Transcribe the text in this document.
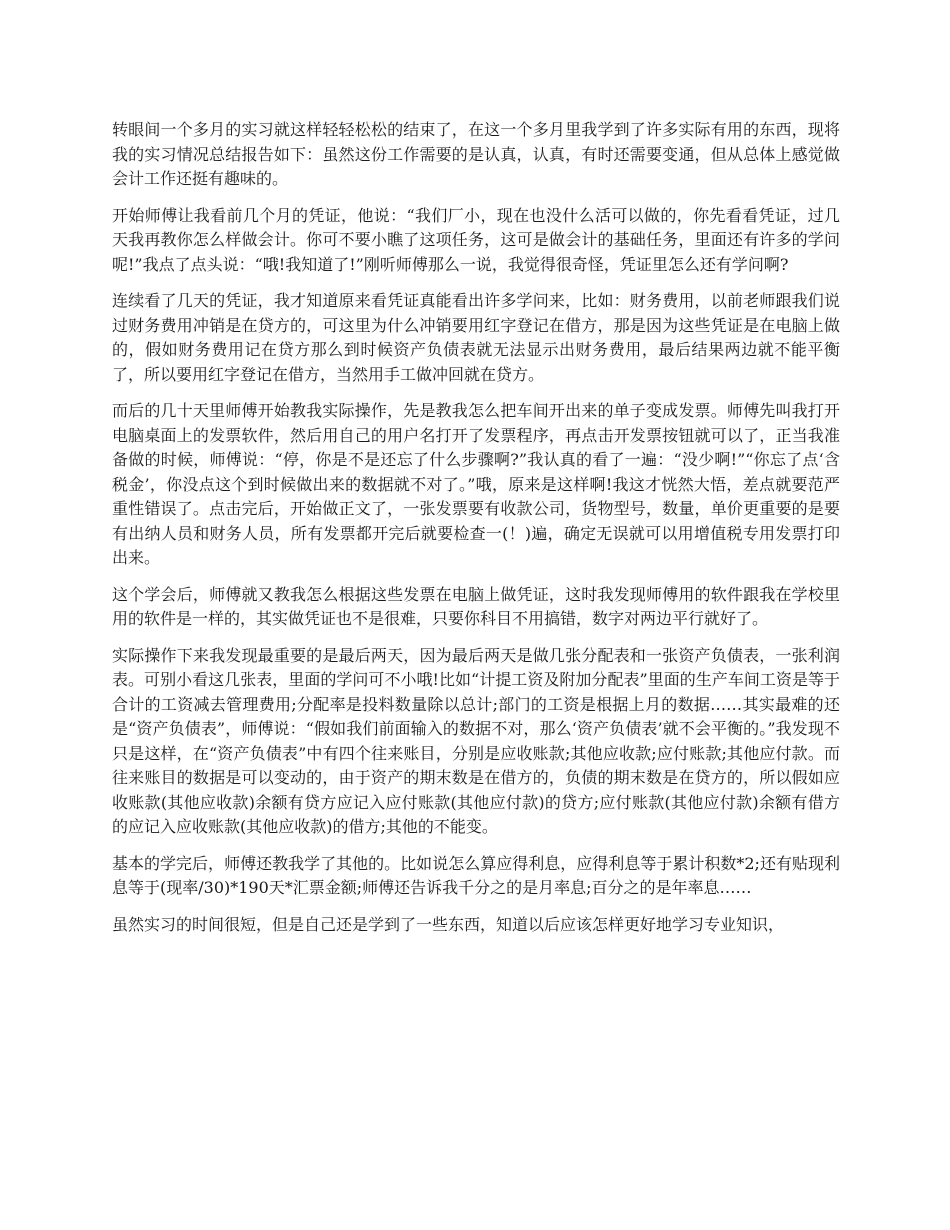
转眼间一个多月的实习就这样轻轻松松的结束了，在这一个多月里我学到了许多实际有用的东西，现将我的实习情况总结报告如下：虽然这份工作需要的是认真，认真，有时还需要变通，但从总体上感觉做会计工作还挺有趣味的。

开始师傅让我看前几个月的凭证，他说：“我们厂小，现在也没什么活可以做的，你先看看凭证，过几天我再教你怎么样做会计。你可不要小瞧了这项任务，这可是做会计的基础任务，里面还有许多的学问呢!”我点了点头说：“哦!我知道了!”刚听师傅那么一说，我觉得很奇怪，凭证里怎么还有学问啊?

连续看了几天的凭证，我才知道原来看凭证真能看出许多学问来，比如：财务费用，以前老师跟我们说过财务费用冲销是在贷方的，可这里为什么冲销要用红字登记在借方，那是因为这些凭证是在电脑上做的，假如财务费用记在贷方那么到时候资产负债表就无法显示出财务费用，最后结果两边就不能平衡了，所以要用红字登记在借方，当然用手工做冲回就在贷方。

而后的几十天里师傅开始教我实际操作，先是教我怎么把车间开出来的单子变成发票。师傅先叫我打开电脑桌面上的发票软件，然后用自己的用户名打开了发票程序，再点击开发票按钮就可以了，正当我准备做的时候，师傅说：“停，你是不是还忘了什么步骤啊?”我认真的看了一遍：“没少啊!”“你忘了点‘含税金’，你没点这个到时候做出来的数据就不对了。”哦，原来是这样啊!我这才恍然大悟，差点就要范严重性错误了。点击完后，开始做正文了，一张发票要有收款公司，货物型号，数量，单价更重要的是要有出纳人员和财务人员，所有发票都开完后就要检查一(！)遍，确定无误就可以用增值税专用发票打印出来。

这个学会后，师傅就又教我怎么根据这些发票在电脑上做凭证，这时我发现师傅用的软件跟我在学校里用的软件是一样的，其实做凭证也不是很难，只要你科目不用搞错，数字对两边平行就好了。

实际操作下来我发现最重要的是最后两天，因为最后两天是做几张分配表和一张资产负债表，一张利润表。可别小看这几张表，里面的学问可不小哦!比如“计提工资及附加分配表”里面的生产车间工资是等于合计的工资减去管理费用;分配率是投料数量除以总计;部门的工资是根据上月的数据……其实最难的还是“资产负债表”，师傅说：“假如我们前面输入的数据不对，那么‘资产负债表’就不会平衡的。”我发现不只是这样，在“资产负债表”中有四个往来账目，分别是应收账款;其他应收款;应付账款;其他应付款。而往来账目的数据是可以变动的，由于资产的期末数是在借方的，负债的期末数是在贷方的，所以假如应收账款(其他应收款)余额有贷方应记入应付账款(其他应付款)的贷方;应付账款(其他应付款)余额有借方的应记入应收账款(其他应收款)的借方;其他的不能变。

基本的学完后，师傅还教我学了其他的。比如说怎么算应得利息，应得利息等于累计积数*2;还有贴现利息等于(现率/30)*190天*汇票金额;师傅还告诉我千分之的是月率息;百分之的是年率息……

虽然实习的时间很短，但是自己还是学到了一些东西，知道以后应该怎样更好地学习专业知识，
